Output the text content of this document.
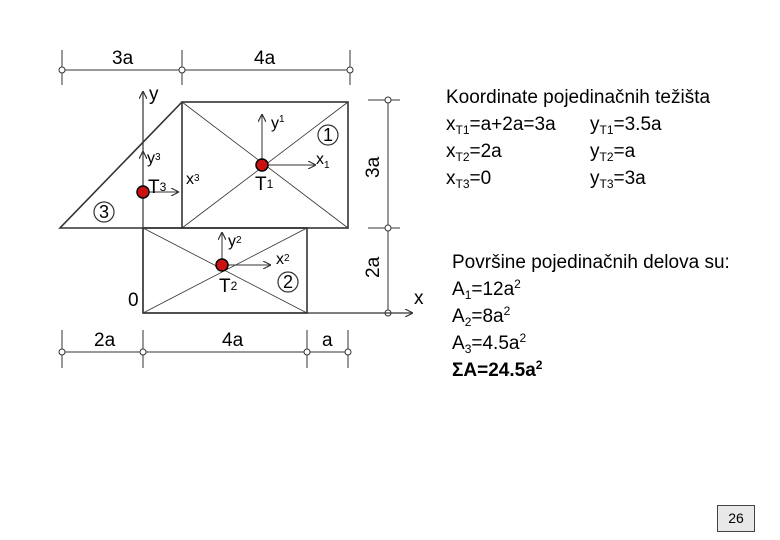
3a	4a
2a	4a	a
3a
2a
y
x
0
$y^1$
$x_1$
y2
x2
y3
x3	T1
T2
T3
1
2
3
Koordinate pojedinačnih težišta
$x_{T1}=a+2a=3a$ $y_{T1}=3.5a$
$x_{T2}=2a$	$y_{T2}=a$
$x_{T3}=0$	$y_{T3}=3a$
Površine pojedinačnih delova su:
$A_1=12a^2$
$A_2=8a^2$
$A_3=4.5a^2$
$\Sigma A=24.5a^2$
26
